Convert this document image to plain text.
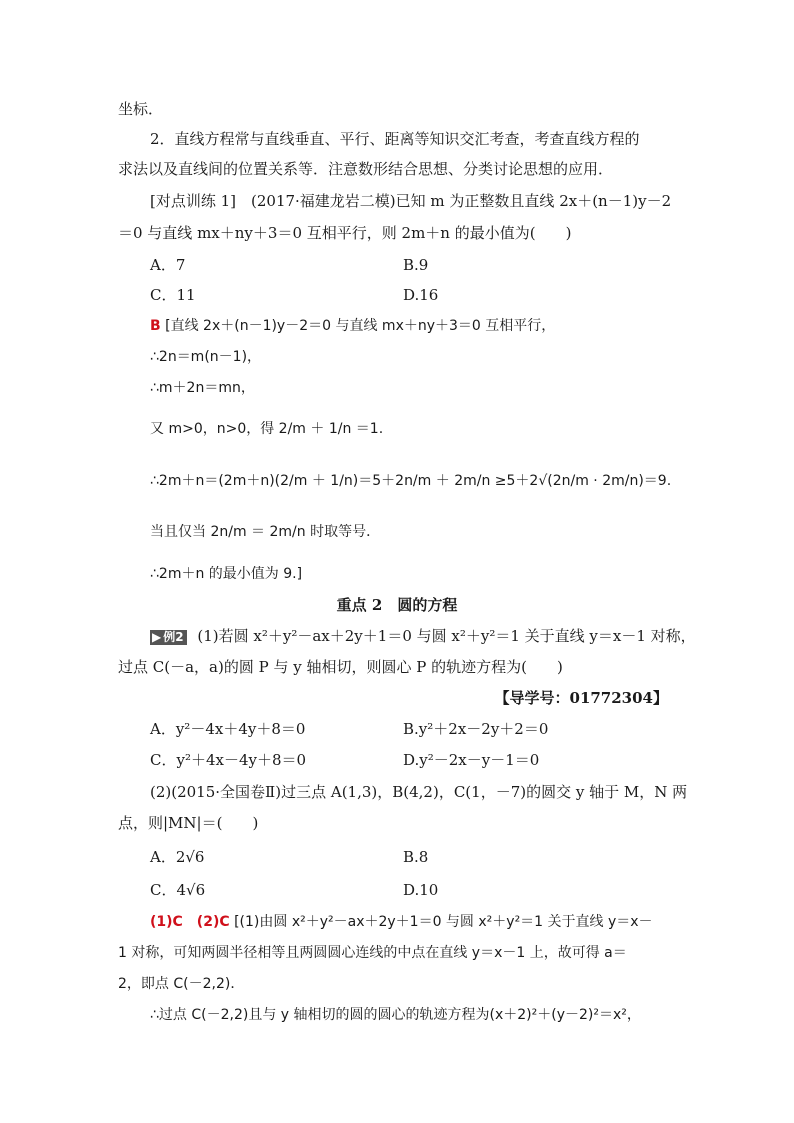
坐标．
2．直线方程常与直线垂直、平行、距离等知识交汇考查，考查直线方程的
求法以及直线间的位置关系等．注意数形结合思想、分类讨论思想的应用．
[对点训练 1]　(2017·福建龙岩二模)已知 m 为正整数且直线 2x＋(n－1)y－2
＝0 与直线 mx＋ny＋3＝0 互相平行，则 2m＋n 的最小值为(　　)
A．7	B.9
C．11	D.16
B [直线 2x＋(n－1)y－2＝0 与直线 mx＋ny＋3＝0 互相平行，
∴2n＝m(n－1)，
∴m＋2n＝mn，
又 m>0，n>0，得 2/m ＋ 1/n ＝1.
∴2m＋n＝(2m＋n)(2/m ＋ 1/n)＝5＋2n/m ＋ 2m/n ≥5＋2√(2n/m · 2m/n)＝9.
当且仅当 2n/m ＝ 2m/n 时取等号．
∴2m＋n 的最小值为 9.]
重点 2　圆的方程
▶ 例2 (1)若圆 x²＋y²－ax＋2y＋1＝0 与圆 x²＋y²＝1 关于直线 y＝x－1 对称，
过点 C(－a，a)的圆 P 与 y 轴相切，则圆心 P 的轨迹方程为(　　)
【导学号：01772304】
A．y²－4x＋4y＋8＝0	B.y²＋2x－2y＋2＝0
C．y²＋4x－4y＋8＝0	D.y²－2x－y－1＝0
(2)(2015·全国卷Ⅱ)过三点 A(1,3)，B(4,2)，C(1，－7)的圆交 y 轴于 M，N 两
点，则|MN|＝(　　)
A．2√6	B.8
C．4√6	D.10
(1)C　(2)C [(1)由圆 x²＋y²－ax＋2y＋1＝0 与圆 x²＋y²＝1 关于直线 y＝x－
1 对称，可知两圆半径相等且两圆圆心连线的中点在直线 y＝x－1 上，故可得 a＝
2，即点 C(－2,2)．
∴过点 C(－2,2)且与 y 轴相切的圆的圆心的轨迹方程为(x＋2)²＋(y－2)²＝x²，
